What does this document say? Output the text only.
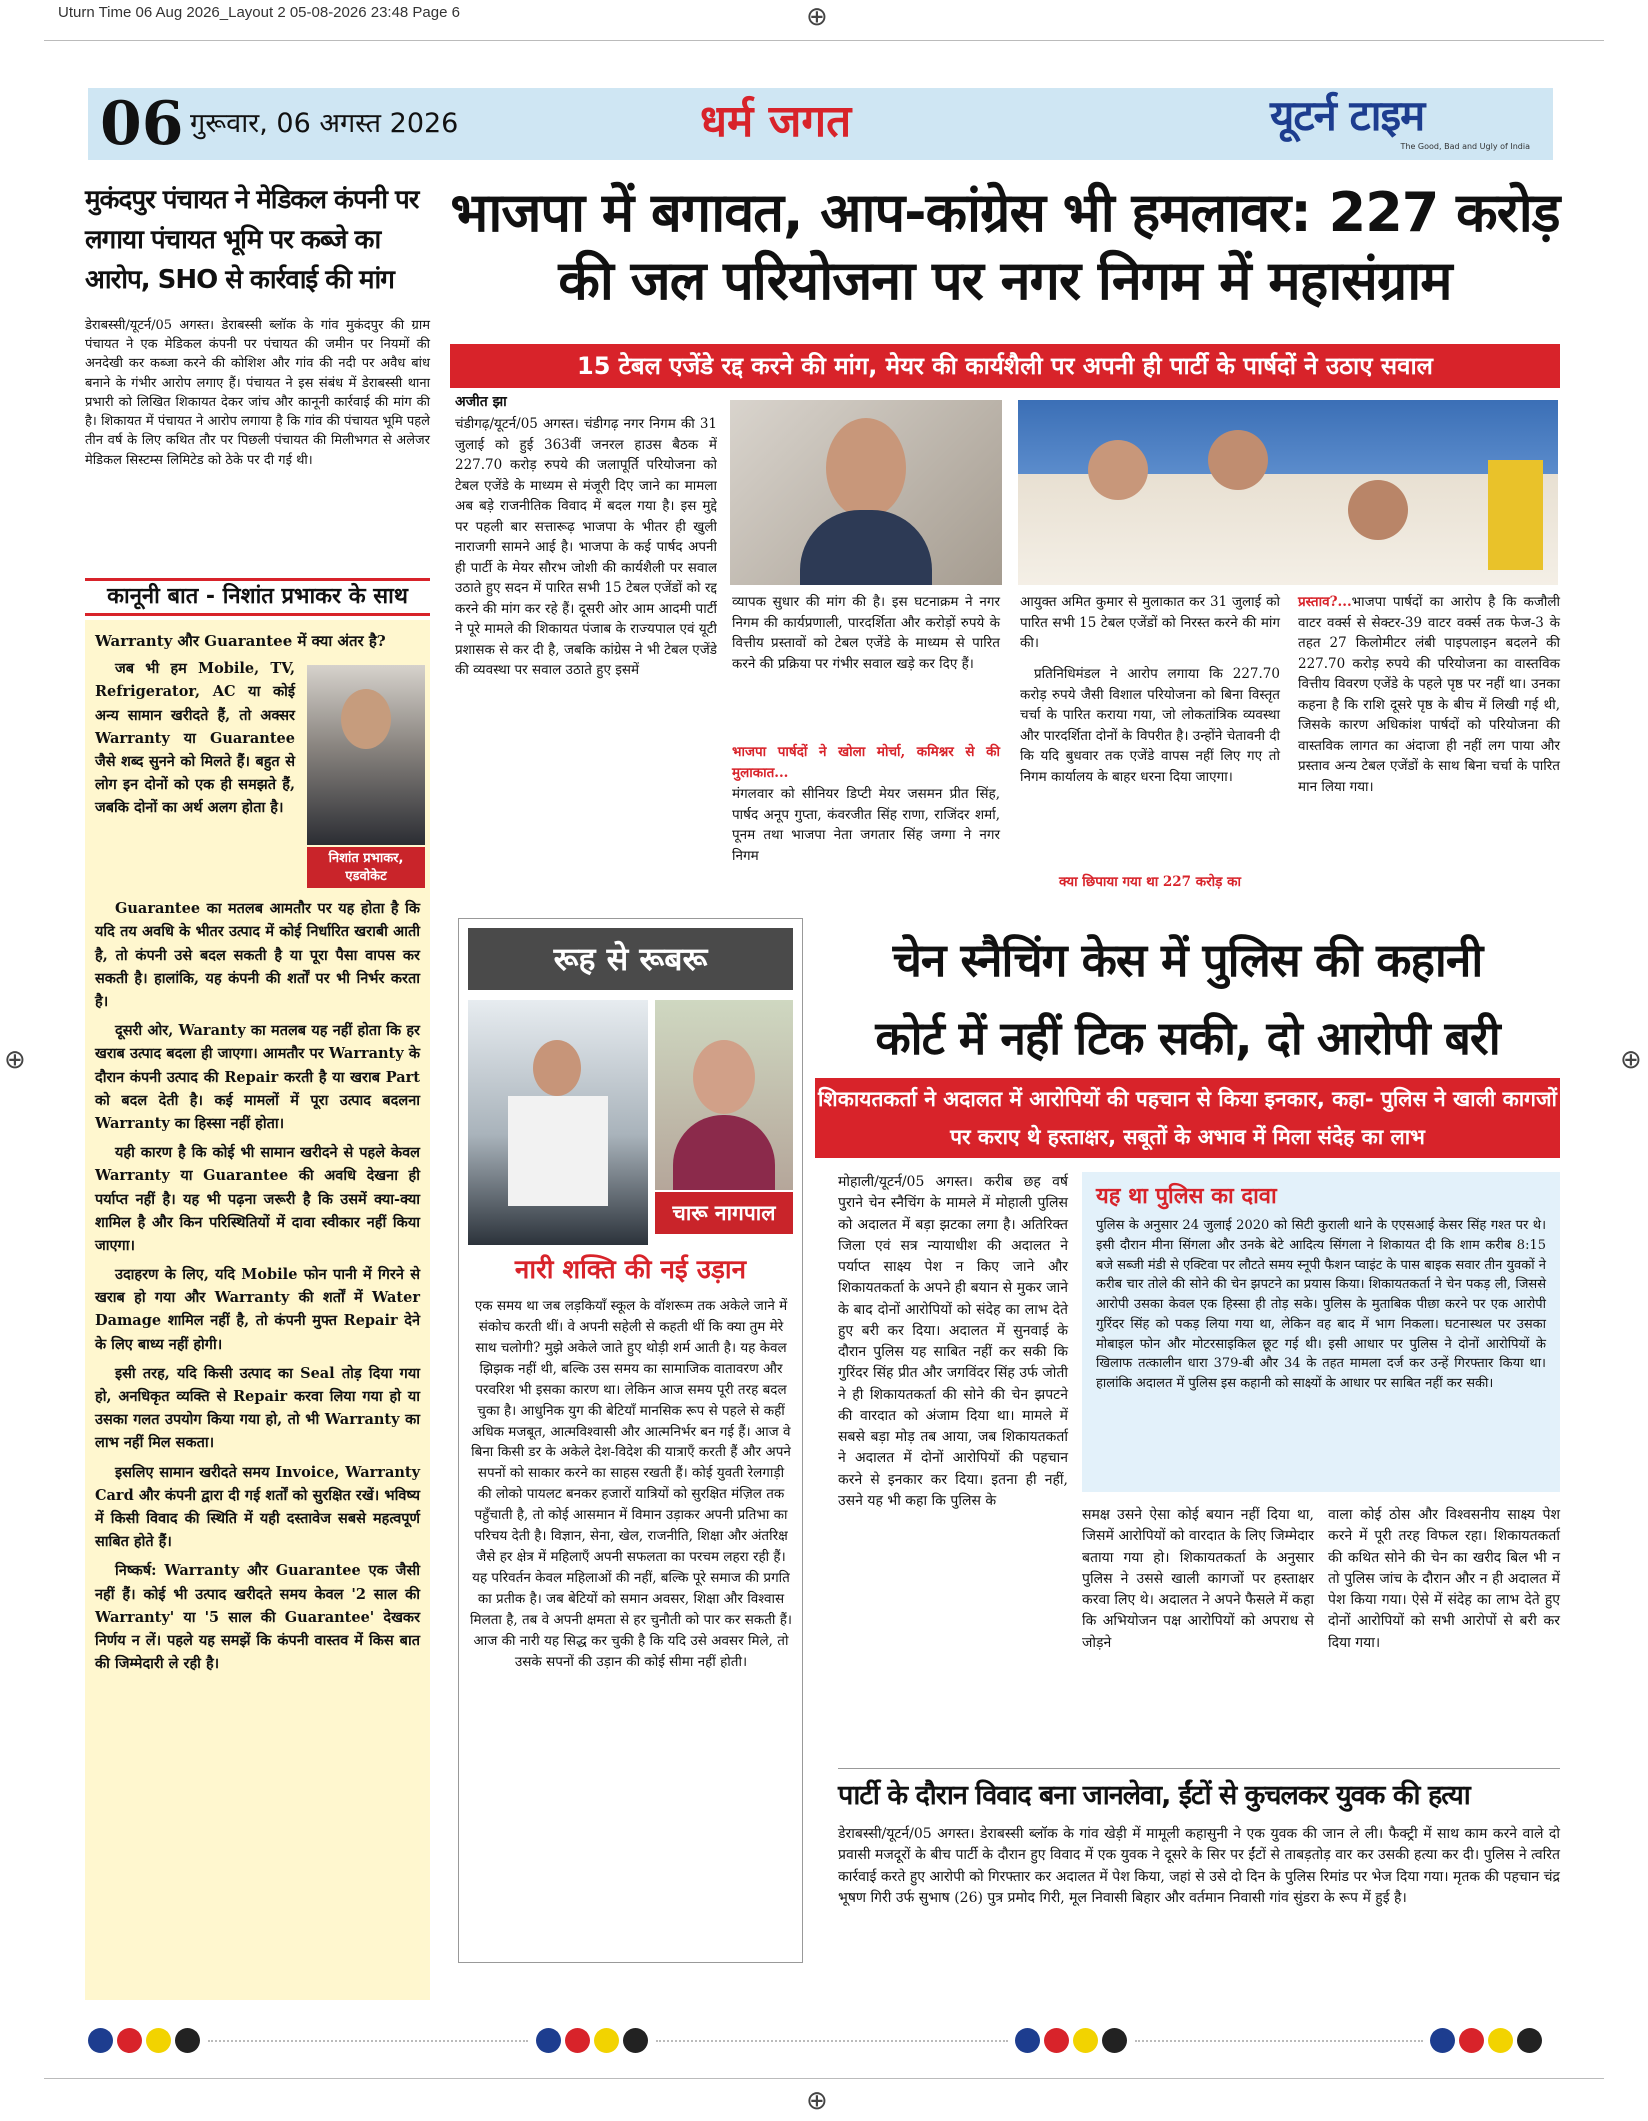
Uturn Time 06 Aug 2026_Layout 2 05-08-2026 23:48 Page 6	⊕
⊕	⊕
⊕
06 गुरूवार, 06 अगस्त 2026	धर्म जगत	यूटर्न टाइम
The Good, Bad and Ugly of India
मुकंदपुर पंचायत ने मेडिकल कंपनी पर लगाया पंचायत भूमि पर कब्जे का आरोप, SHO से कार्रवाई की मांग
डेराबस्सी/यूटर्न/05 अगस्त। डेराबस्सी ब्लॉक के गांव मुकंदपुर की ग्राम पंचायत ने एक मेडिकल कंपनी पर पंचायत की जमीन पर नियमों की अनदेखी कर कब्जा करने की कोशिश और गांव की नदी पर अवैध बांध बनाने के गंभीर आरोप लगाए हैं। पंचायत ने इस संबंध में डेराबस्सी थाना प्रभारी को लिखित शिकायत देकर जांच और कानूनी कार्रवाई की मांग की है। शिकायत में पंचायत ने आरोप लगाया है कि गांव की पंचायत भूमि पहले तीन वर्ष के लिए कथित तौर पर पिछली पंचायत की मिलीभगत से अलेजर मेडिकल सिस्टम्स लिमिटेड को ठेके पर दी गई थी।
कानूनी बात - निशांत प्रभाकर के साथ
Warranty और Guarantee में क्या अंतर है?
जब भी हम Mobile, TV, Refrigerator, AC या कोई अन्य सामान खरीदते हैं, तो अक्सर Warranty या Guarantee जैसे शब्द सुनने को मिलते हैं। बहुत से लोग इन दोनों को एक ही समझते हैं, जबकि दोनों का अर्थ अलग होता है।
निशांत प्रभाकर, एडवोकेट
Guarantee का मतलब आमतौर पर यह होता है कि यदि तय अवधि के भीतर उत्पाद में कोई निर्धारित खराबी आती है, तो कंपनी उसे बदल सकती है या पूरा पैसा वापस कर सकती है। हालांकि, यह कंपनी की शर्तों पर भी निर्भर करता है।
दूसरी ओर, Waranty का मतलब यह नहीं होता कि हर खराब उत्पाद बदला ही जाएगा। आमतौर पर Warranty के दौरान कंपनी उत्पाद की Repair करती है या खराब Part को बदल देती है। कई मामलों में पूरा उत्पाद बदलना Warranty का हिस्सा नहीं होता।
यही कारण है कि कोई भी सामान खरीदने से पहले केवल Warranty या Guarantee की अवधि देखना ही पर्याप्त नहीं है। यह भी पढ़ना जरूरी है कि उसमें क्या-क्या शामिल है और किन परिस्थितियों में दावा स्वीकार नहीं किया जाएगा।
उदाहरण के लिए, यदि Mobile फोन पानी में गिरने से खराब हो गया और Warranty की शर्तों में Water Damage शामिल नहीं है, तो कंपनी मुफ्त Repair देने के लिए बाध्य नहीं होगी।
इसी तरह, यदि किसी उत्पाद का Seal तोड़ दिया गया हो, अनधिकृत व्यक्ति से Repair करवा लिया गया हो या उसका गलत उपयोग किया गया हो, तो भी Warranty का लाभ नहीं मिल सकता।
इसलिए सामान खरीदते समय Invoice, Warranty Card और कंपनी द्वारा दी गई शर्तों को सुरक्षित रखें। भविष्य में किसी विवाद की स्थिति में यही दस्तावेज सबसे महत्वपूर्ण साबित होते हैं।
निष्कर्ष: Warranty और Guarantee एक जैसी नहीं हैं। कोई भी उत्पाद खरीदते समय केवल '2 साल की Warranty' या '5 साल की Guarantee' देखकर निर्णय न लें। पहले यह समझें कि कंपनी वास्तव में किस बात की जिम्मेदारी ले रही है।
भाजपा में बगावत, आप-कांग्रेस भी हमलावर: 227 करोड़
की जल परियोजना पर नगर निगम में महासंग्राम
15 टेबल एजेंडे रद्द करने की मांग, मेयर की कार्यशैली पर अपनी ही पार्टी के पार्षदों ने उठाए सवाल
अजीत झा
चंडीगढ़/यूटर्न/05 अगस्त। चंडीगढ़ नगर निगम की 31 जुलाई को हुई 363वीं जनरल हाउस बैठक में 227.70 करोड़ रुपये की जलापूर्ति परियोजना को टेबल एजेंडे के माध्यम से मंजूरी दिए जाने का मामला अब बड़े राजनीतिक विवाद में बदल गया है। इस मुद्दे पर पहली बार सत्तारूढ़ भाजपा के भीतर ही खुली नाराजगी सामने आई है। भाजपा के कई पार्षद अपनी ही पार्टी के मेयर सौरभ जोशी की कार्यशैली पर सवाल उठाते हुए सदन में पारित सभी 15 टेबल एजेंडों को रद्द करने की मांग कर रहे हैं। दूसरी ओर आम आदमी पार्टी ने पूरे मामले की शिकायत पंजाब के राज्यपाल एवं यूटी प्रशासक से कर दी है, जबकि कांग्रेस ने भी टेबल एजेंडे की व्यवस्था पर सवाल उठाते हुए इसमें
व्यापक सुधार की मांग की है। इस घटनाक्रम ने नगर निगम की कार्यप्रणाली, पारदर्शिता और करोड़ों रुपये के वित्तीय प्रस्तावों को टेबल एजेंडे के माध्यम से पारित करने की प्रक्रिया पर गंभीर सवाल खड़े कर दिए हैं।
भाजपा पार्षदों ने खोला मोर्चा, कमिश्नर से की मुलाकात...
मंगलवार को सीनियर डिप्टी मेयर जसमन प्रीत सिंह, पार्षद अनूप गुप्ता, कंवरजीत सिंह राणा, राजिंदर शर्मा, पूनम तथा भाजपा नेता जगतार सिंह जग्गा ने नगर निगम
आयुक्त अमित कुमार से मुलाकात कर 31 जुलाई को पारित सभी 15 टेबल एजेंडों को निरस्त करने की मांग की।
प्रतिनिधिमंडल ने आरोप लगाया कि 227.70 करोड़ रुपये जैसी विशाल परियोजना को बिना विस्तृत चर्चा के पारित कराया गया, जो लोकतांत्रिक व्यवस्था और पारदर्शिता दोनों के विपरीत है। उन्होंने चेतावनी दी कि यदि बुधवार तक एजेंडे वापस नहीं लिए गए तो निगम कार्यालय के बाहर धरना दिया जाएगा।
क्या छिपाया गया था 227 करोड़ का
प्रस्ताव?...भाजपा पार्षदों का आरोप है कि कजौली वाटर वर्क्स से सेक्टर-39 वाटर वर्क्स तक फेज-3 के तहत 27 किलोमीटर लंबी पाइपलाइन बदलने की 227.70 करोड़ रुपये की परियोजना का वास्तविक वित्तीय विवरण एजेंडे के पहले पृष्ठ पर नहीं था। उनका कहना है कि राशि दूसरे पृष्ठ के बीच में लिखी गई थी, जिसके कारण अधिकांश पार्षदों को परियोजना की वास्तविक लागत का अंदाजा ही नहीं लग पाया और प्रस्ताव अन्य टेबल एजेंडों के साथ बिना चर्चा के पारित मान लिया गया।
रूह से रूबरू
चारू नागपाल
नारी शक्ति की नई उड़ान
एक समय था जब लड़कियाँ स्कूल के वॉशरूम तक अकेले जाने में संकोच करती थीं। वे अपनी सहेली से कहती थीं कि क्या तुम मेरे साथ चलोगी? मुझे अकेले जाते हुए थोड़ी शर्म आती है। यह केवल झिझक नहीं थी, बल्कि उस समय का सामाजिक वातावरण और परवरिश भी इसका कारण था। लेकिन आज समय पूरी तरह बदल चुका है। आधुनिक युग की बेटियाँ मानसिक रूप से पहले से कहीं अधिक मजबूत, आत्मविश्वासी और आत्मनिर्भर बन गई हैं। आज वे बिना किसी डर के अकेले देश-विदेश की यात्राएँ करती हैं और अपने सपनों को साकार करने का साहस रखती हैं। कोई युवती रेलगाड़ी की लोको पायलट बनकर हजारों यात्रियों को सुरक्षित मंज़िल तक पहुँचाती है, तो कोई आसमान में विमान उड़ाकर अपनी प्रतिभा का परिचय देती है। विज्ञान, सेना, खेल, राजनीति, शिक्षा और अंतरिक्ष जैसे हर क्षेत्र में महिलाएँ अपनी सफलता का परचम लहरा रही हैं। यह परिवर्तन केवल महिलाओं की नहीं, बल्कि पूरे समाज की प्रगति का प्रतीक है। जब बेटियों को समान अवसर, शिक्षा और विश्वास मिलता है, तब वे अपनी क्षमता से हर चुनौती को पार कर सकती हैं। आज की नारी यह सिद्ध कर चुकी है कि यदि उसे अवसर मिले, तो उसके सपनों की उड़ान की कोई सीमा नहीं होती।
चेन स्नैचिंग केस में पुलिस की कहानी
कोर्ट में नहीं टिक सकी, दो आरोपी बरी
शिकायतकर्ता ने अदालत में आरोपियों की पहचान से किया इनकार, कहा- पुलिस ने खाली कागजों पर कराए थे हस्ताक्षर, सबूतों के अभाव में मिला संदेह का लाभ
मोहाली/यूटर्न/05 अगस्त। करीब छह वर्ष पुराने चेन स्नैचिंग के मामले में मोहाली पुलिस को अदालत में बड़ा झटका लगा है। अतिरिक्त जिला एवं सत्र न्यायाधीश की अदालत ने पर्याप्त साक्ष्य पेश न किए जाने और शिकायतकर्ता के अपने ही बयान से मुकर जाने के बाद दोनों आरोपियों को संदेह का लाभ देते हुए बरी कर दिया। अदालत में सुनवाई के दौरान पुलिस यह साबित नहीं कर सकी कि गुरिंदर सिंह प्रीत और जगविंदर सिंह उर्फ जोती ने ही शिकायतकर्ता की सोने की चेन झपटने की वारदात को अंजाम दिया था। मामले में सबसे बड़ा मोड़ तब आया, जब शिकायतकर्ता ने अदालत में दोनों आरोपियों की पहचान करने से इनकार कर दिया। इतना ही नहीं, उसने यह भी कहा कि पुलिस के
यह था पुलिस का दावा
पुलिस के अनुसार 24 जुलाई 2020 को सिटी कुराली थाने के एएसआई केसर सिंह गश्त पर थे। इसी दौरान मीना सिंगला और उनके बेटे आदित्य सिंगला ने शिकायत दी कि शाम करीब 8:15 बजे सब्जी मंडी से एक्टिवा पर लौटते समय स्नूपी फैशन प्वाइंट के पास बाइक सवार तीन युवकों ने करीब चार तोले की सोने की चेन झपटने का प्रयास किया। शिकायतकर्ता ने चेन पकड़ ली, जिससे आरोपी उसका केवल एक हिस्सा ही तोड़ सके। पुलिस के मुताबिक पीछा करने पर एक आरोपी गुरिंदर सिंह को पकड़ लिया गया था, लेकिन वह बाद में भाग निकला। घटनास्थल पर उसका मोबाइल फोन और मोटरसाइकिल छूट गई थी। इसी आधार पर पुलिस ने दोनों आरोपियों के खिलाफ तत्कालीन धारा 379-बी और 34 के तहत मामला दर्ज कर उन्हें गिरफ्तार किया था। हालांकि अदालत में पुलिस इस कहानी को साक्ष्यों के आधार पर साबित नहीं कर सकी।
समक्ष उसने ऐसा कोई बयान नहीं दिया था, जिसमें आरोपियों को वारदात के लिए जिम्मेदार बताया गया हो। शिकायतकर्ता के अनुसार पुलिस ने उससे खाली कागजों पर हस्ताक्षर करवा लिए थे। अदालत ने अपने फैसले में कहा कि अभियोजन पक्ष आरोपियों को अपराध से जोड़ने
वाला कोई ठोस और विश्वसनीय साक्ष्य पेश करने में पूरी तरह विफल रहा। शिकायतकर्ता की कथित सोने की चेन का खरीद बिल भी न तो पुलिस जांच के दौरान और न ही अदालत में पेश किया गया। ऐसे में संदेह का लाभ देते हुए दोनों आरोपियों को सभी आरोपों से बरी कर दिया गया।
पार्टी के दौरान विवाद बना जानलेवा, ईंटों से कुचलकर युवक की हत्या
डेराबस्सी/यूटर्न/05 अगस्त। डेराबस्सी ब्लॉक के गांव खेड़ी में मामूली कहासुनी ने एक युवक की जान ले ली। फैक्ट्री में साथ काम करने वाले दो प्रवासी मजदूरों के बीच पार्टी के दौरान हुए विवाद में एक युवक ने दूसरे के सिर पर ईंटों से ताबड़तोड़ वार कर उसकी हत्या कर दी। पुलिस ने त्वरित कार्रवाई करते हुए आरोपी को गिरफ्तार कर अदालत में पेश किया, जहां से उसे दो दिन के पुलिस रिमांड पर भेज दिया गया। मृतक की पहचान चंद्र भूषण गिरी उर्फ सुभाष (26) पुत्र प्रमोद गिरी, मूल निवासी बिहार और वर्तमान निवासी गांव सुंडरा के रूप में हुई है।
